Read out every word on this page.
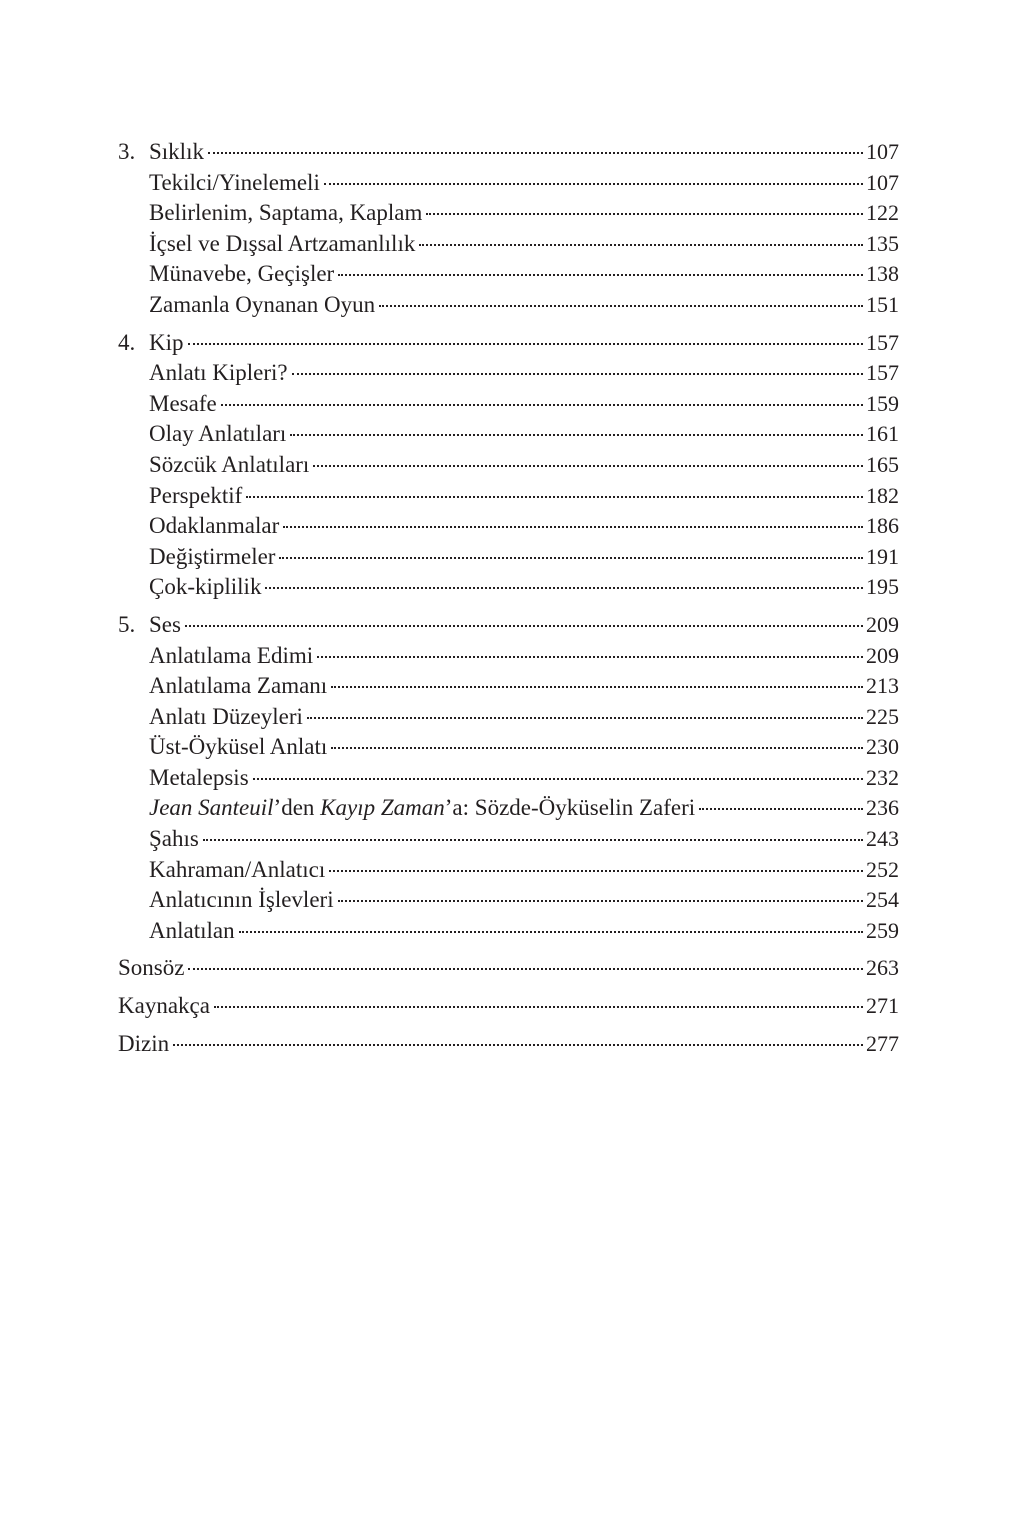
3. Sıklık	107
Tekilci/Yinelemeli	107
Belirlenim, Saptama, Kaplam	122
İçsel ve Dışsal Artzamanlılık	135
Münavebe, Geçişler	138
Zamanla Oynanan Oyun	151
4. Kip	157
Anlatı Kipleri?	157
Mesafe	159
Olay Anlatıları	161
Sözcük Anlatıları	165
Perspektif	182
Odaklanmalar	186
Değiştirmeler	191
Çok-kiplilik	195
5. Ses	209
Anlatılama Edimi	209
Anlatılama Zamanı	213
Anlatı Düzeyleri	225
Üst-Öyküsel Anlatı	230
Metalepsis	232
Jean Santeuil’den Kayıp Zaman’a: Sözde-Öyküselin Zaferi	236
Şahıs	243
Kahraman/Anlatıcı	252
Anlatıcının İşlevleri	254
Anlatılan	259
Sonsöz	263
Kaynakça	271
Dizin	277
